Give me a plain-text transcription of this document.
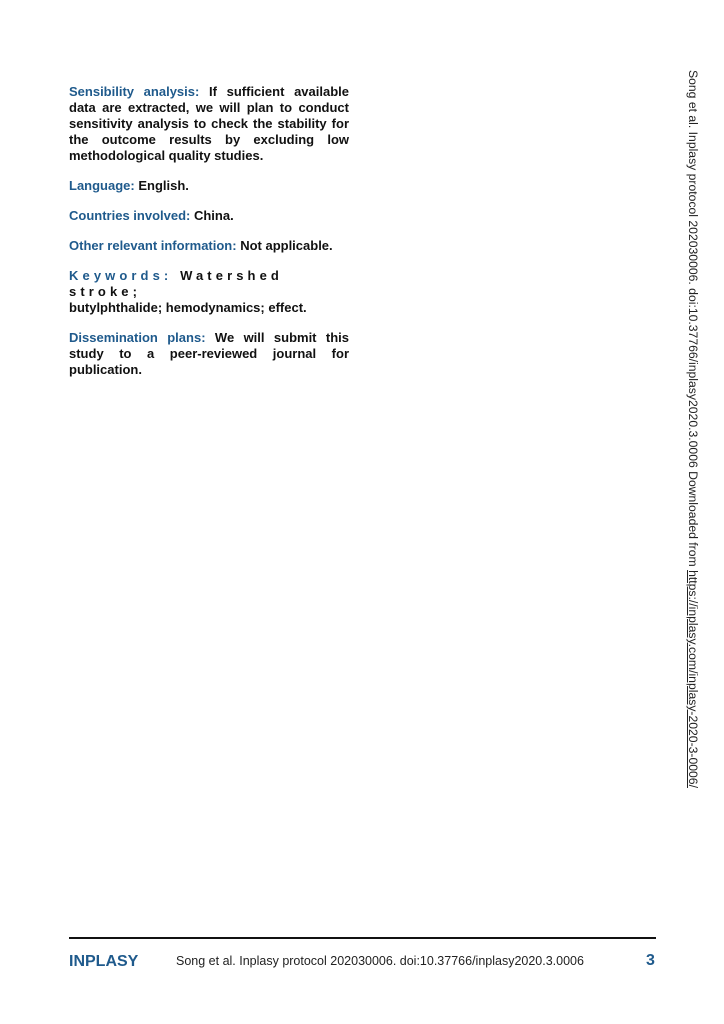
Sensibility analysis: If sufficient available data are extracted, we will plan to conduct sensitivity analysis to check the stability for the outcome results by excluding low methodological quality studies.

Language: English.

Countries involved: China.

Other relevant information: Not applicable.

Keywords: Watershed stroke;
butylphthalide; hemodynamics; effect.

Dissemination plans: We will submit this study to a peer-reviewed journal for publication.	Song et al. Inplasy protocol 202030006. doi:10.37766/inplasy2020.3.0006 Downloaded from https://inplasy.com/inplasy-2020-3-0006/
INPLASY	Song et al. Inplasy protocol 202030006. doi:10.37766/inplasy2020.3.0006	3
